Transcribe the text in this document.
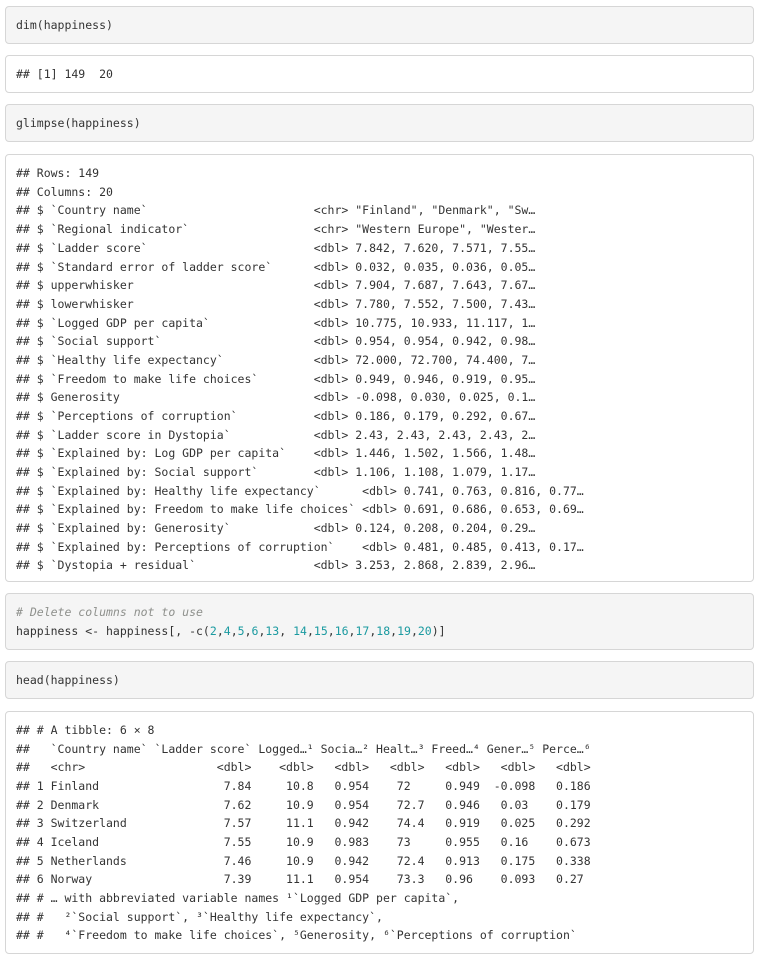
dim(happiness)
## [1] 149  20
glimpse(happiness)
## Rows: 149
## Columns: 20
## $ `Country name`                        <chr> "Finland", "Denmark", "Sw…
## $ `Regional indicator`                  <chr> "Western Europe", "Wester…
## $ `Ladder score`                        <dbl> 7.842, 7.620, 7.571, 7.55…
## $ `Standard error of ladder score`      <dbl> 0.032, 0.035, 0.036, 0.05…
## $ upperwhisker                          <dbl> 7.904, 7.687, 7.643, 7.67…
## $ lowerwhisker                          <dbl> 7.780, 7.552, 7.500, 7.43…
## $ `Logged GDP per capita`               <dbl> 10.775, 10.933, 11.117, 1…
## $ `Social support`                      <dbl> 0.954, 0.954, 0.942, 0.98…
## $ `Healthy life expectancy`             <dbl> 72.000, 72.700, 74.400, 7…
## $ `Freedom to make life choices`        <dbl> 0.949, 0.946, 0.919, 0.95…
## $ Generosity                            <dbl> -0.098, 0.030, 0.025, 0.1…
## $ `Perceptions of corruption`           <dbl> 0.186, 0.179, 0.292, 0.67…
## $ `Ladder score in Dystopia`            <dbl> 2.43, 2.43, 2.43, 2.43, 2…
## $ `Explained by: Log GDP per capita`    <dbl> 1.446, 1.502, 1.566, 1.48…
## $ `Explained by: Social support`        <dbl> 1.106, 1.108, 1.079, 1.17…
## $ `Explained by: Healthy life expectancy`      <dbl> 0.741, 0.763, 0.816, 0.77…
## $ `Explained by: Freedom to make life choices` <dbl> 0.691, 0.686, 0.653, 0.69…
## $ `Explained by: Generosity`            <dbl> 0.124, 0.208, 0.204, 0.29…
## $ `Explained by: Perceptions of corruption`    <dbl> 0.481, 0.485, 0.413, 0.17…
## $ `Dystopia + residual`                 <dbl> 3.253, 2.868, 2.839, 2.96…
# Delete columns not to use
happiness <- happiness[, -c(2,4,5,6,13, 14,15,16,17,18,19,20)]
head(happiness)
## # A tibble: 6 × 8
##   `Country name` `Ladder score` Logged…¹ Socia…² Healt…³ Freed…⁴ Gener…⁵ Perce…⁶
##   <chr>                   <dbl>    <dbl>   <dbl>   <dbl>   <dbl>   <dbl>   <dbl>
## 1 Finland                  7.84     10.8   0.954    72     0.949  -0.098   0.186
## 2 Denmark                  7.62     10.9   0.954    72.7   0.946   0.03    0.179
## 3 Switzerland              7.57     11.1   0.942    74.4   0.919   0.025   0.292
## 4 Iceland                  7.55     10.9   0.983    73     0.955   0.16    0.673
## 5 Netherlands              7.46     10.9   0.942    72.4   0.913   0.175   0.338
## 6 Norway                   7.39     11.1   0.954    73.3   0.96    0.093   0.27
## # … with abbreviated variable names ¹`Logged GDP per capita`,
## #   ²`Social support`, ³`Healthy life expectancy`,
## #   ⁴`Freedom to make life choices`, ⁵Generosity, ⁶`Perceptions of corruption`
